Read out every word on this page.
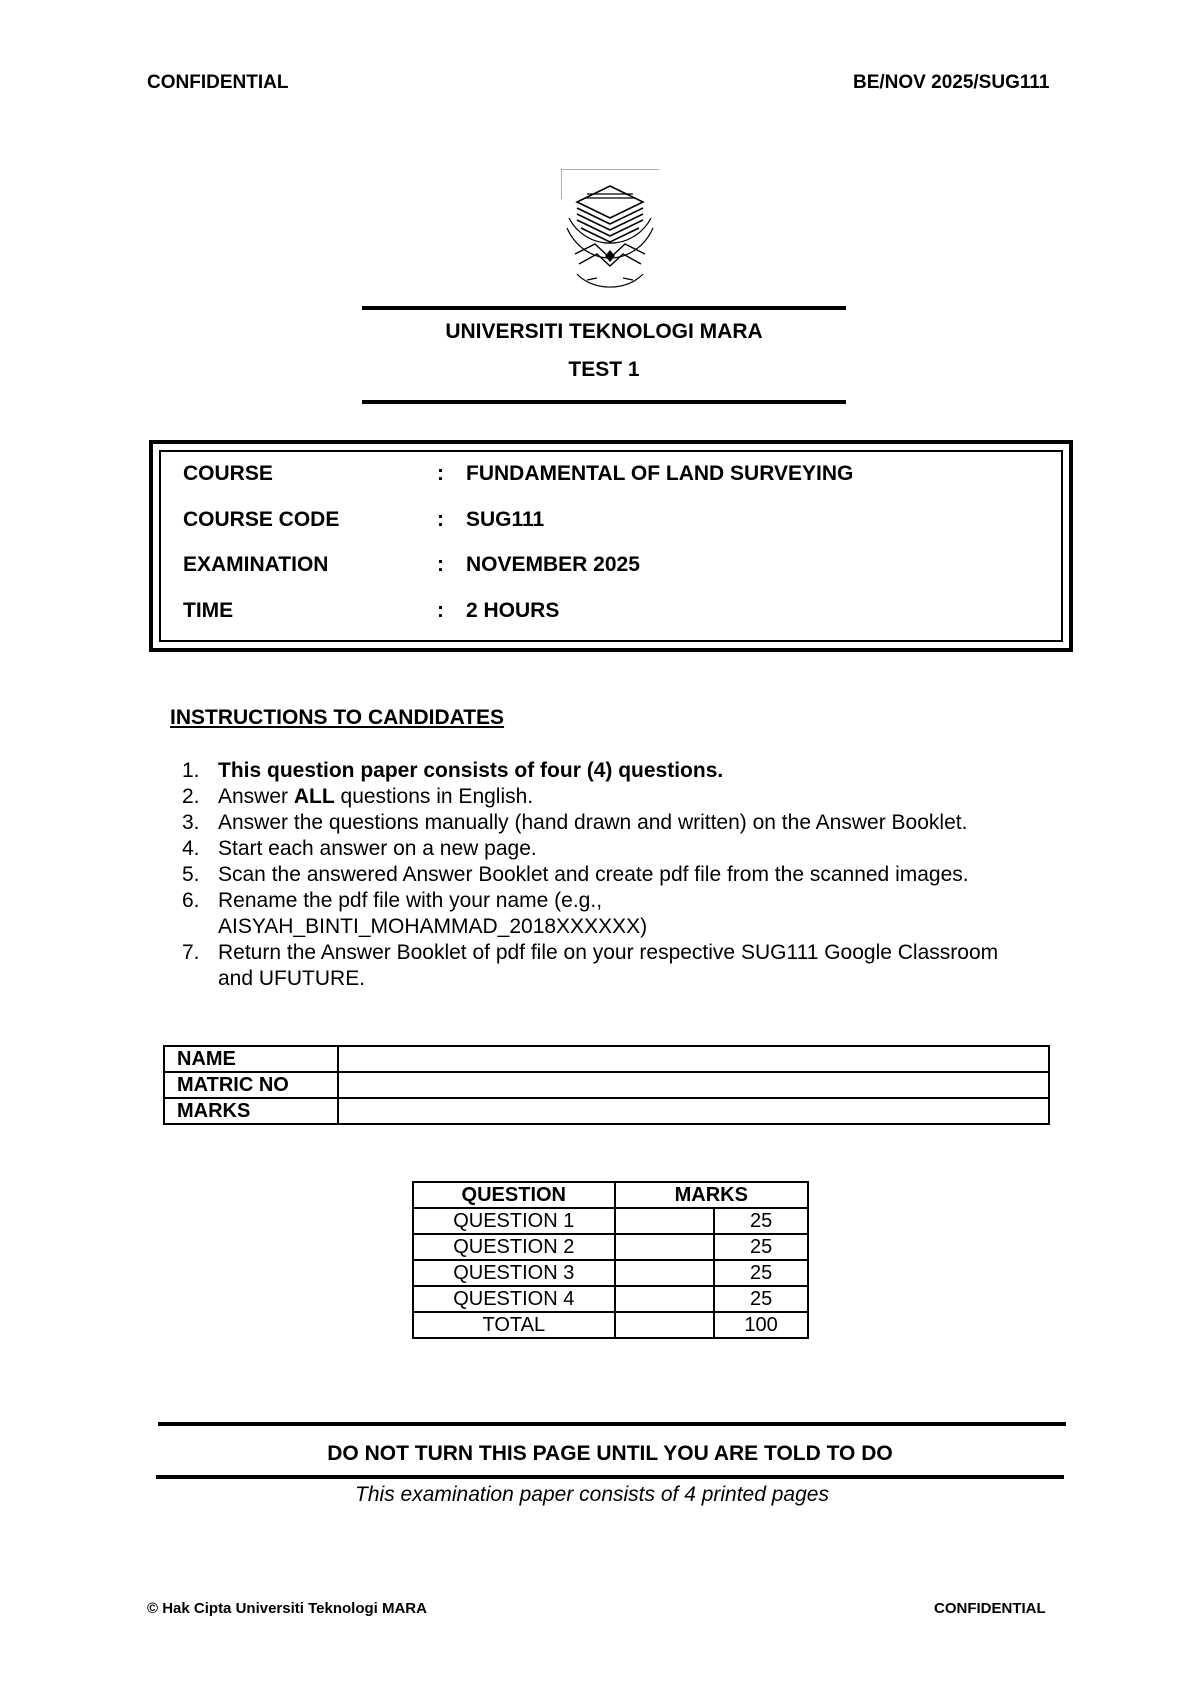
CONFIDENTIAL	BE/NOV 2025/SUG111
UNIVERSITI TEKNOLOGI MARA
TEST 1
COURSE	: FUNDAMENTAL OF LAND SURVEYING
COURSE CODE	: SUG111
EXAMINATION	: NOVEMBER 2025
TIME	: 2 HOURS
INSTRUCTIONS TO CANDIDATES
1. This question paper consists of four (4) questions.
2. Answer ALL questions in English.
3. Answer the questions manually (hand drawn and written) on the Answer Booklet.
4. Start each answer on a new page.
5. Scan the answered Answer Booklet and create pdf file from the scanned images.
6. Rename the pdf file with your name (e.g.,
AISYAH_BINTI_MOHAMMAD_2018XXXXXX)
7. Return the Answer Booklet of pdf file on your respective SUG111 Google Classroom
and UFUTURE.
NAME	
MATRIC NO	
MARKS	
QUESTION	MARKS	
QUESTION 1		25
QUESTION 2		25
QUESTION 3		25
QUESTION 4		25
TOTAL		100
DO NOT TURN THIS PAGE UNTIL YOU ARE TOLD TO DO
This examination paper consists of 4 printed pages
© Hak Cipta Universiti Teknologi MARA	CONFIDENTIAL
